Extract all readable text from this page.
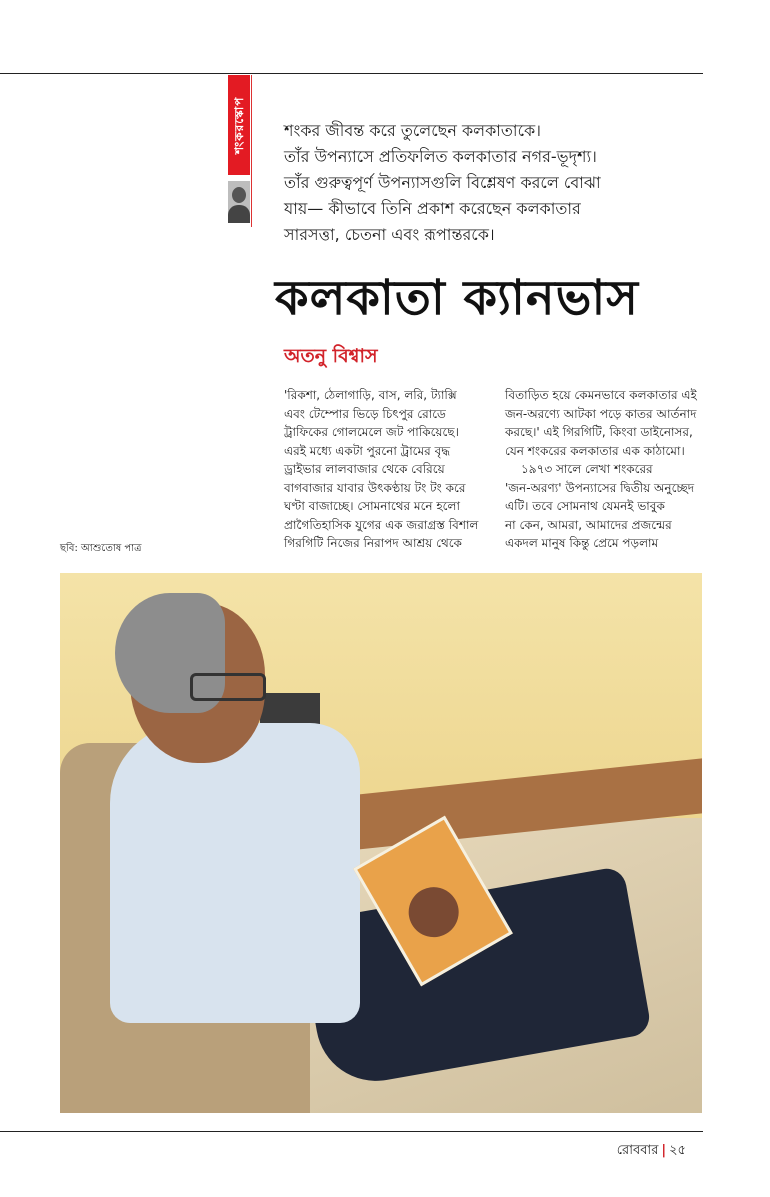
শংকরস্কোপ শংকর জীবন্ত করে তুলেছেন কলকাতাকে।
তাঁর উপন্যাসে প্রতিফলিত কলকাতার নগর-ভূদৃশ্য।
তাঁর গুরুত্বপূর্ণ উপন্যাসগুলি বিশ্লেষণ করলে বোঝা
যায়— কীভাবে তিনি প্রকাশ করেছেন কলকাতার
সারসত্তা, চেতনা এবং রূপান্তরকে।
কলকাতা ক্যানভাস
অতনু বিশ্বাস
'রিকশা, ঠেলাগাড়ি, বাস, লরি, ট্যাক্সি
এবং টেম্পোর ভিড়ে চিৎপুর রোডে
ট্রাফিকের গোলমেলে জট পাকিয়েছে।
এরই মধ্যে একটা পুরনো ট্রামের বৃদ্ধ
ড্রাইভার লালবাজার থেকে বেরিয়ে
বাগবাজার যাবার উৎকণ্ঠায় টং টং করে
ঘণ্টা বাজাচ্ছে। সোমনাথের মনে হলো
প্রাগৈতিহাসিক যুগের এক জরাগ্রস্ত বিশাল
গিরগিটি নিজের নিরাপদ আশ্রয় থেকে
বিতাড়িত হয়ে কেমনভাবে কলকাতার এই
জন-অরণ্যে আটকা পড়ে কাতর আর্তনাদ
করছে।' এই গিরগিটি, কিংবা ডাইনোসর,
যেন শংকরের কলকাতার এক কাঠামো।
১৯৭৩ সালে লেখা শংকরের
'জন-অরণ্য' উপন্যাসের দ্বিতীয় অনুচ্ছেদ
এটি। তবে সোমনাথ যেমনই ভাবুক
না কেন, আমরা, আমাদের প্রজন্মের
একদল মানুষ কিন্তু প্রেমে পড়লাম
ছবি: আশুতোষ পাত্র
রোববার | ২৫
